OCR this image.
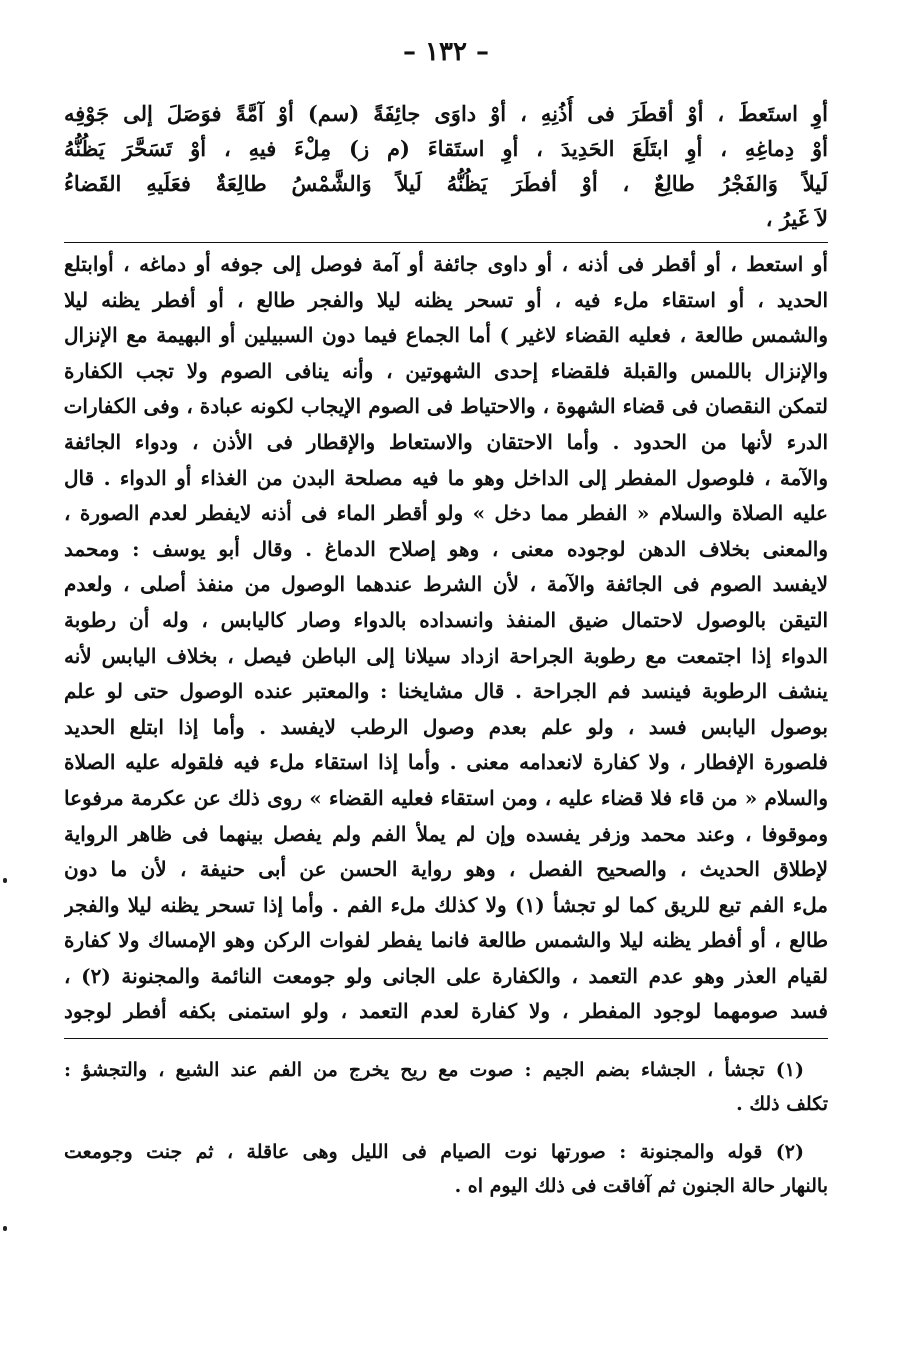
– ١٣٢ –
أوِ استَعطَ ، أوْ أقطَرَ فى أُذُنِهِ ، أوْ داوَى جائِفَةً (سم) أوْ آمَّةً فوَصَلَ إلى جَوْفِه
أوْ دِماغِهِ ، أوِ ابتَلَعَ الحَدِيدَ ، أوِ استَقاءَ (م ز) مِلْءَ فيهِ ، أوْ تَسَحَّرَ يَظُنُّهُ
لَيلاً وَالفَجْرُ طالِعٌ ، أوْ أفطَرَ يَظُنُّهُ لَيلاً وَالشَّمْسُ طالِعَةٌ فعَلَيهِ القَضاءُ
لاَ غَيرُ ،
أو استعط ، أو أقطر فى أذنه ، أو داوى جائفة أو آمة فوصل إلى جوفه أو دماغه ، أوابتلع
الحديد ، أو استقاء ملء فيه ، أو تسحر يظنه ليلا والفجر طالع ، أو أفطر يظنه ليلا
والشمس طالعة ، فعليه القضاء لاغير ) أما الجماع فيما دون السبيلين أو البهيمة مع الإنزال
والإنزال باللمس والقبلة فلقضاء إحدى الشهوتين ، وأنه ينافى الصوم ولا تجب الكفارة
لتمكن النقصان فى قضاء الشهوة ، والاحتياط فى الصوم الإيجاب لكونه عبادة ، وفى الكفارات
الدرء لأنها من الحدود . وأما الاحتقان والاستعاط والإقطار فى الأذن ، ودواء الجائفة
والآمة ، فلوصول المفطر إلى الداخل وهو ما فيه مصلحة البدن من الغذاء أو الدواء . قال
عليه الصلاة والسلام « الفطر مما دخل » ولو أقطر الماء فى أذنه لايفطر لعدم الصورة ،
والمعنى بخلاف الدهن لوجوده معنى ، وهو إصلاح الدماغ . وقال أبو يوسف : ومحمد
لايفسد الصوم فى الجائفة والآمة ، لأن الشرط عندهما الوصول من منفذ أصلى ، ولعدم
التيقن بالوصول لاحتمال ضيق المنفذ وانسداده بالدواء وصار كاليابس ، وله أن رطوبة
الدواء إذا اجتمعت مع رطوبة الجراحة ازداد سيلانا إلى الباطن فيصل ، بخلاف اليابس لأنه
ينشف الرطوبة فينسد فم الجراحة . قال مشايخنا : والمعتبر عنده الوصول حتى لو علم
بوصول اليابس فسد ، ولو علم بعدم وصول الرطب لايفسد . وأما إذا ابتلع الحديد
فلصورة الإفطار ، ولا كفارة لانعدامه معنى . وأما إذا استقاء ملء فيه فلقوله عليه الصلاة
والسلام « من قاء فلا قضاء عليه ، ومن استقاء فعليه القضاء » روى ذلك عن عكرمة مرفوعا
وموقوفا ، وعند محمد وزفر يفسده وإن لم يملأ الفم ولم يفصل بينهما فى ظاهر الرواية
لإطلاق الحديث ، والصحيح الفصل ، وهو رواية الحسن عن أبى حنيفة ، لأن ما دون
ملء الفم تبع للريق كما لو تجشأ (١) ولا كذلك ملء الفم . وأما إذا تسحر يظنه ليلا والفجر
طالع ، أو أفطر يظنه ليلا والشمس طالعة فانما يفطر لفوات الركن وهو الإمساك ولا كفارة
لقيام العذر وهو عدم التعمد ، والكفارة على الجانى ولو جومعت النائمة والمجنونة (٢) ،
فسد صومهما لوجود المفطر ، ولا كفارة لعدم التعمد ، ولو استمنى بكفه أفطر لوجود
(١) تجشأ ، الجشاء بضم الجيم : صوت مع ريح يخرج من الفم عند الشبع ، والتجشؤ :
تكلف ذلك .
(٢) قوله والمجنونة : صورتها نوت الصيام فى الليل وهى عاقلة ، ثم جنت وجومعت
بالنهار حالة الجنون ثم آفاقت فى ذلك اليوم اه .
